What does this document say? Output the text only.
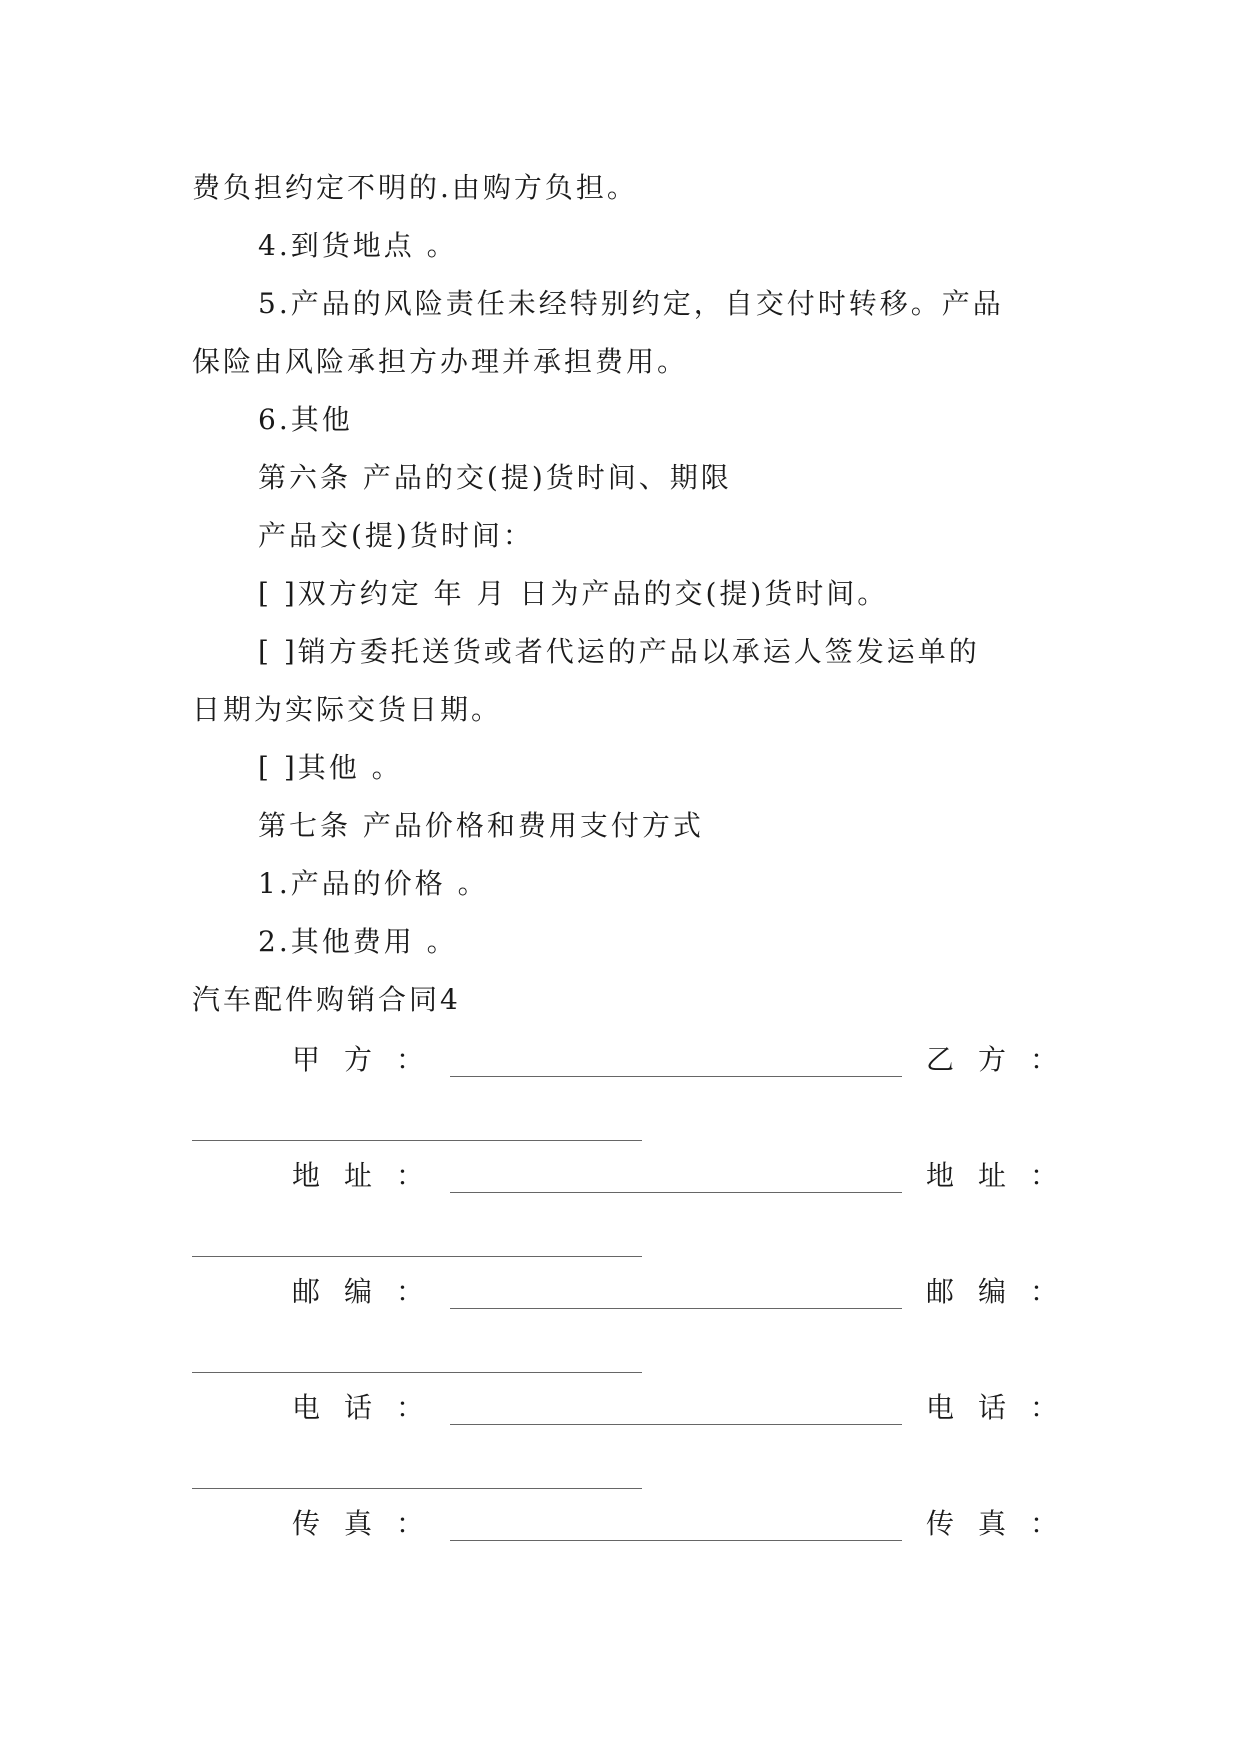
费负担约定不明的.由购方负担。
4.到货地点 。
5.产品的风险责任未经特别约定，自交付时转移。产品
保险由风险承担方办理并承担费用。
6.其他
第六条 产品的交(提)货时间、期限
产品交(提)货时间：
[ ]双方约定 年 月 日为产品的交(提)货时间。
[ ]销方委托送货或者代运的产品以承运人签发运单的
日期为实际交货日期。
[ ]其他 。
第七条 产品价格和费用支付方式
1.产品的价格 。
2.其他费用 。
汽车配件购销合同4
甲方：	乙方：
地址：	地址：
邮编：	邮编：
电话：	电话：
传真：	传真：
